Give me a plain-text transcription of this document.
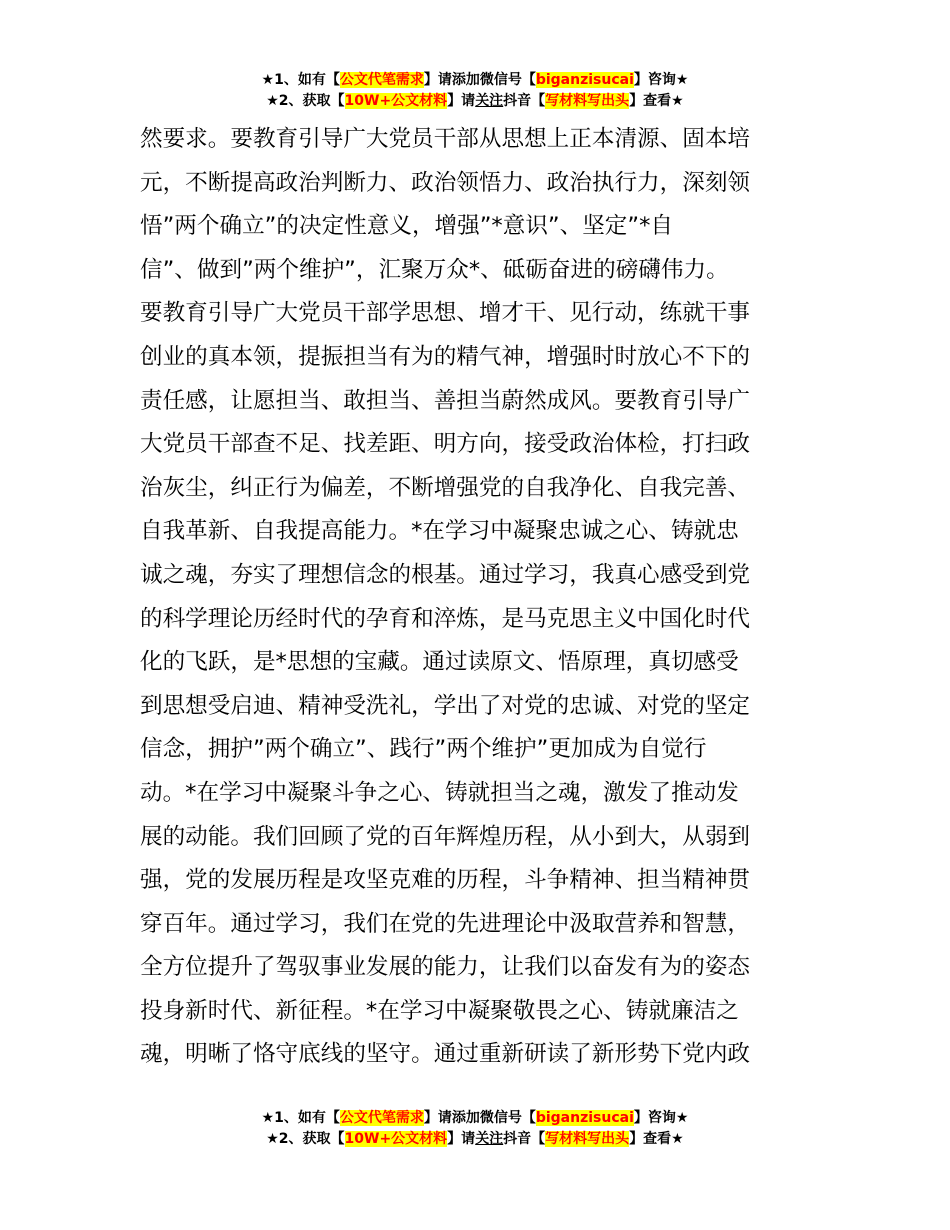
★1、如有【公文代笔需求】请添加微信号【biganzisucai】咨询★
★2、获取【10W+公文材料】请关注抖音【写材料写出头】查看★
然要求。要教育引导广大党员干部从思想上正本清源、固本培
元，不断提高政治判断力、政治领悟力、政治执行力，深刻领
悟”两个确立”的决定性意义，增强”*意识”、坚定”*自
信”、做到”两个维护”，汇聚万众*、砥砺奋进的磅礴伟力。
要教育引导广大党员干部学思想、增才干、见行动，练就干事
创业的真本领，提振担当有为的精气神，增强时时放心不下的
责任感，让愿担当、敢担当、善担当蔚然成风。要教育引导广
大党员干部查不足、找差距、明方向，接受政治体检，打扫政
治灰尘，纠正行为偏差，不断增强党的自我净化、自我完善、
自我革新、自我提高能力。*在学习中凝聚忠诚之心、铸就忠
诚之魂，夯实了理想信念的根基。通过学习，我真心感受到党
的科学理论历经时代的孕育和淬炼，是马克思主义中国化时代
化的飞跃，是*思想的宝藏。通过读原文、悟原理，真切感受
到思想受启迪、精神受洗礼，学出了对党的忠诚、对党的坚定
信念，拥护”两个确立”、践行”两个维护”更加成为自觉行
动。*在学习中凝聚斗争之心、铸就担当之魂，激发了推动发
展的动能。我们回顾了党的百年辉煌历程，从小到大，从弱到
强，党的发展历程是攻坚克难的历程，斗争精神、担当精神贯
穿百年。通过学习，我们在党的先进理论中汲取营养和智慧，
全方位提升了驾驭事业发展的能力，让我们以奋发有为的姿态
投身新时代、新征程。*在学习中凝聚敬畏之心、铸就廉洁之
魂，明晰了恪守底线的坚守。通过重新研读了新形势下党内政
★1、如有【公文代笔需求】请添加微信号【biganzisucai】咨询★
★2、获取【10W+公文材料】请关注抖音【写材料写出头】查看★
